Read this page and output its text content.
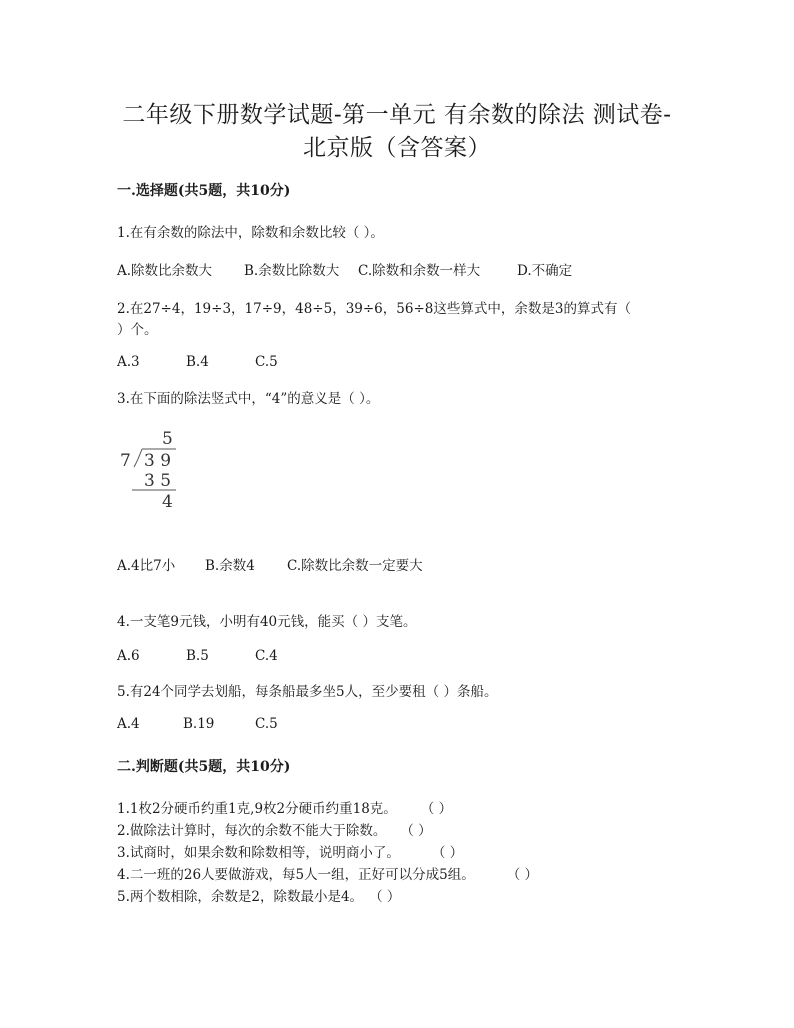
二年级下册数学试题-第一单元 有余数的除法 测试卷-
北京版（含答案）
一.选择题(共5题，共10分)
1.在有余数的除法中，除数和余数比较（ ）。
A.除数比余数大 B.余数比除数大 C.除数和余数一样大	D.不确定
2.在27÷4，19÷3，17÷9，48÷5，39÷6，56÷8这些算式中，余数是3的算式有（
）个。
A.3	B.4	C.5
3.在下面的除法竖式中，“4”的意义是（ ）。
5
7 3 9
3 5
4
A.4比7小 B.余数4 C.除数比余数一定要大
4.一支笔9元钱，小明有40元钱，能买（ ）支笔。
A.6	B.5	C.4
5.有24个同学去划船，每条船最多坐5人，至少要租（ ）条船。
A.4	B.19	C.5
二.判断题(共5题，共10分)
1.1枚2分硬币约重1克,9枚2分硬币约重18克。 （ ）
2.做除法计算时，每次的余数不能大于除数。 （ ）
3.试商时，如果余数和除数相等，说明商小了。 （ ）
4.二一班的26人要做游戏，每5人一组，正好可以分成5组。 （ ）
5.两个数相除，余数是2，除数最小是4。 （ ）
